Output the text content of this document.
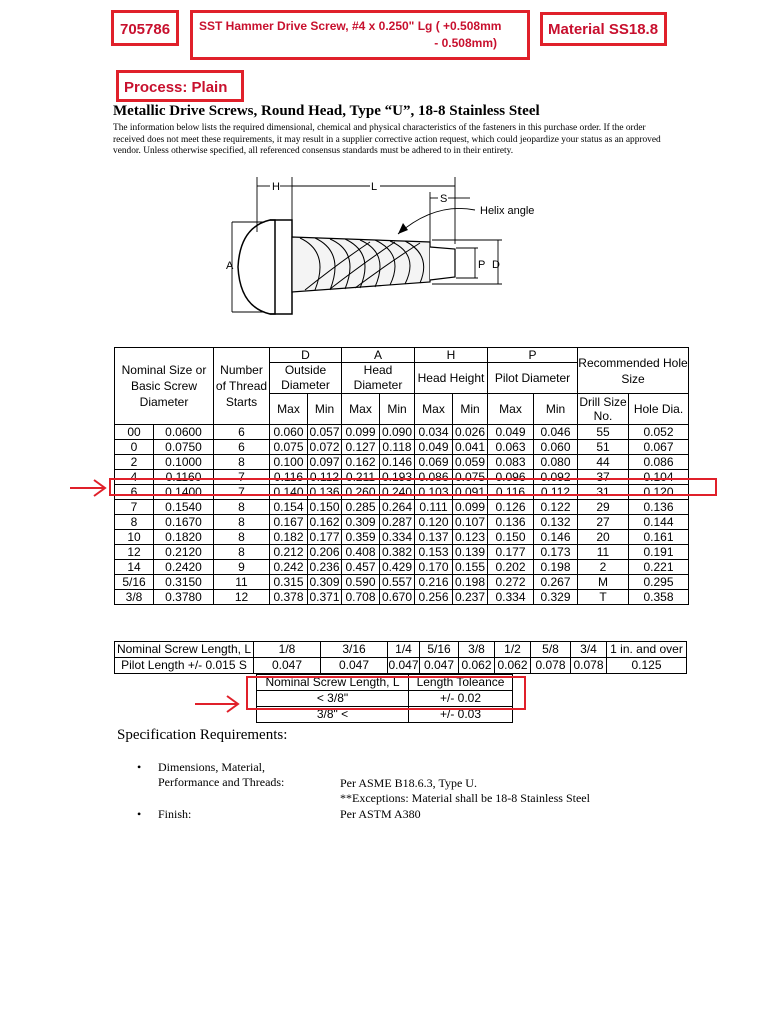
705786	SST Hammer Drive Screw, #4 x 0.250" Lg ( +0.508mm
- 0.508mm)
Material SS18.8
Process: Plain
Metallic Drive Screws, Round Head, Type “U”, 18-8 Stainless Steel
The information below lists the required dimensional, chemical and physical characteristics of the fasteners in this purchase order. If the order received does not meet these requirements, it may result in a supplier corrective action request, which could jeopardize your status as an approved vendor. Unless otherwise specified, all referenced consensus standards must be adhered to in their entirety.
H	L
S
Helix angle
A	P D
Nominal Size or Basic Screw Diameter		Number of Thread Starts	D		A		H		P		Recommended Hole Size	
			Outside Diameter		Head Diameter		Head Height		Pilot Diameter			
			Max	Min	Max	Min	Max	Min	Max	Min	Drill Size No.	Hole Dia.
00	0.0600	6	0.060	0.057	0.099	0.090	0.034	0.026	0.049	0.046	55	0.052
0	0.0750	6	0.075	0.072	0.127	0.118	0.049	0.041	0.063	0.060	51	0.067
2	0.1000	8	0.100	0.097	0.162	0.146	0.069	0.059	0.083	0.080	44	0.086
4	0.1160	7	0.116	0.112	0.211	0.193	0.086	0.075	0.096	0.092	37	0.104
6	0.1400	7	0.140	0.136	0.260	0.240	0.103	0.091	0.116	0.112	31	0.120
7	0.1540	8	0.154	0.150	0.285	0.264	0.111	0.099	0.126	0.122	29	0.136
8	0.1670	8	0.167	0.162	0.309	0.287	0.120	0.107	0.136	0.132	27	0.144
10	0.1820	8	0.182	0.177	0.359	0.334	0.137	0.123	0.150	0.146	20	0.161
12	0.2120	8	0.212	0.206	0.408	0.382	0.153	0.139	0.177	0.173	11	0.191
14	0.2420	9	0.242	0.236	0.457	0.429	0.170	0.155	0.202	0.198	2	0.221
5/16	0.3150	11	0.315	0.309	0.590	0.557	0.216	0.198	0.272	0.267	M	0.295
3/8	0.3780	12	0.378	0.371	0.708	0.670	0.256	0.237	0.334	0.329	T	0.358
Nominal Screw Length, L	1/8	3/16	1/4	5/16	3/8	1/2	5/8	3/4	1 in. and over
Pilot Length +/- 0.015 S	0.047	0.047	0.047	0.047	0.062	0.062	0.078	0.078	0.125
Nominal Screw Length, L	Length Toleance
< 3/8"	+/- 0.02
3/8" <	+/- 0.03
Specification Requirements:
• Dimensions, Material, Performance and Threads:	Per ASME B18.6.3, Type U.
**Exceptions: Material shall be 18-8 Stainless Steel
• Finish:	Per ASTM A380
